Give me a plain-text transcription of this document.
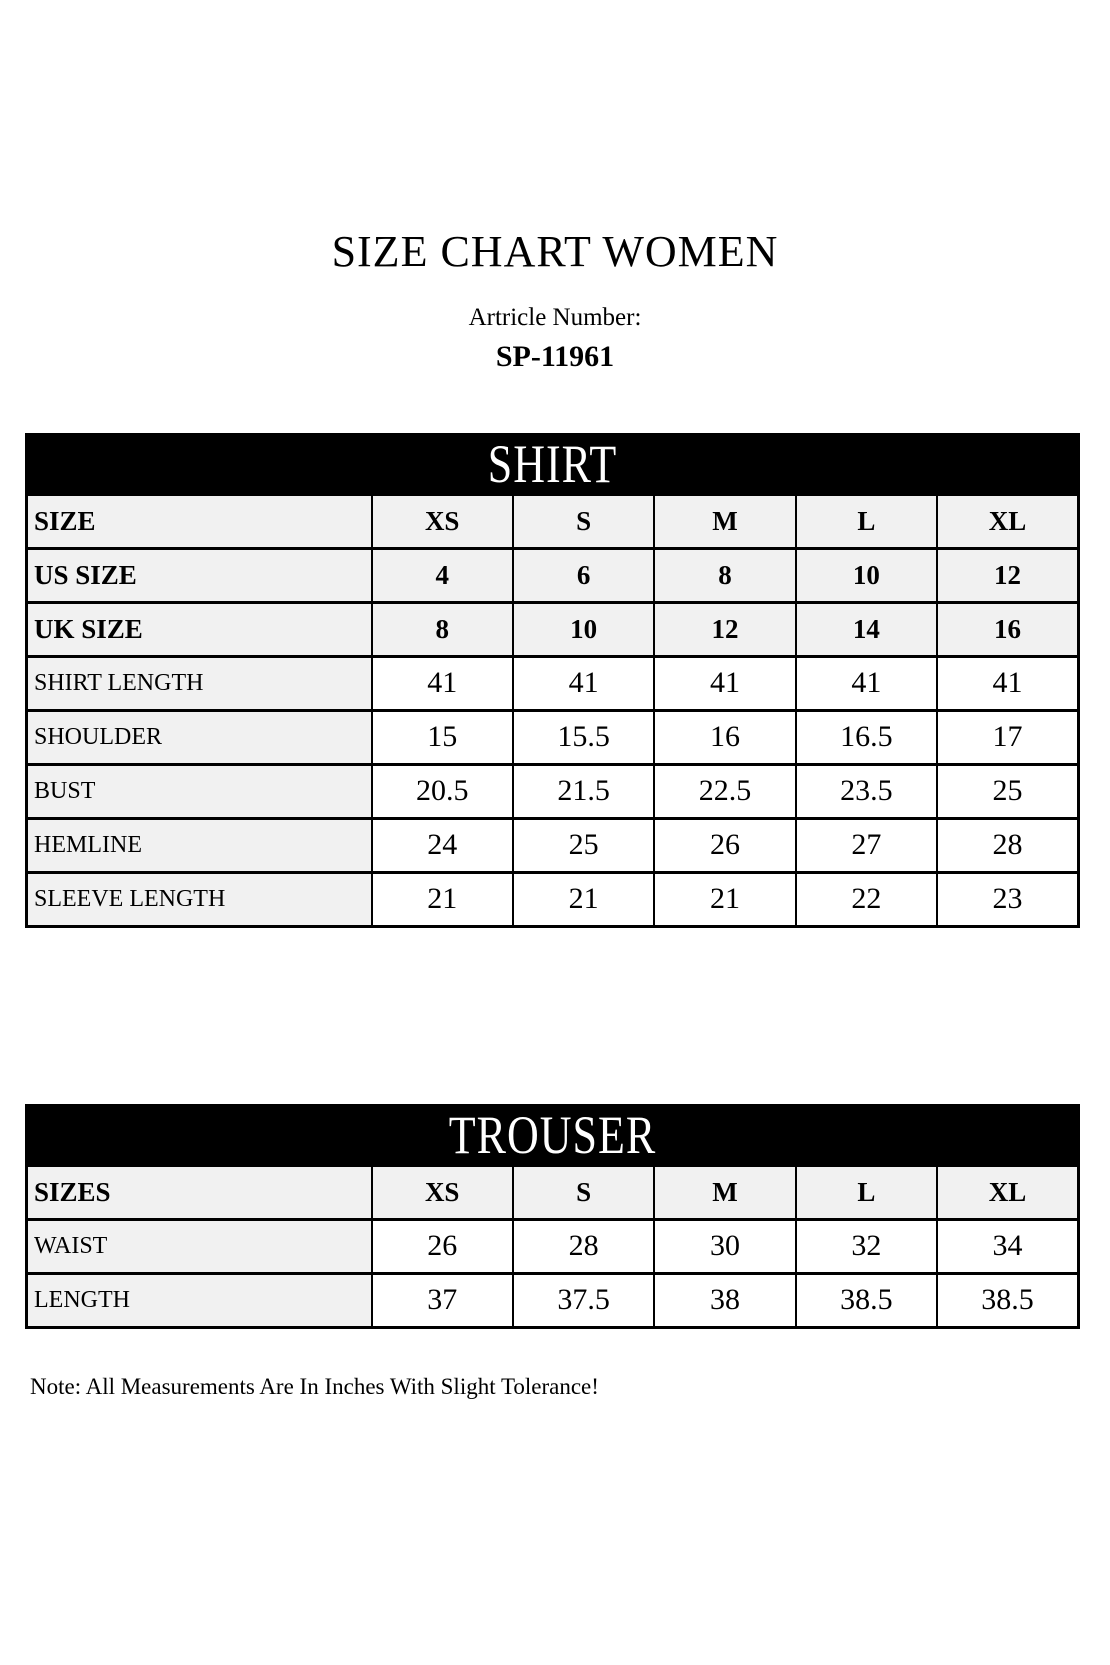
SIZE CHART WOMEN
Artricle Number:
SP-11961
SHIRT
SIZE	XS	S	M	L	XL
US SIZE	4	6	8	10	12
UK SIZE	8	10	12	14	16
SHIRT LENGTH	41	41	41	41	41
SHOULDER	15	15.5	16	16.5	17
BUST	20.5	21.5	22.5	23.5	25
HEMLINE	24	25	26	27	28
SLEEVE LENGTH	21	21	21	22	23
TROUSER
SIZES	XS	S	M	L	XL
WAIST	26	28	30	32	34
LENGTH	37	37.5	38	38.5	38.5
Note: All Measurements Are In Inches With Slight Tolerance!
